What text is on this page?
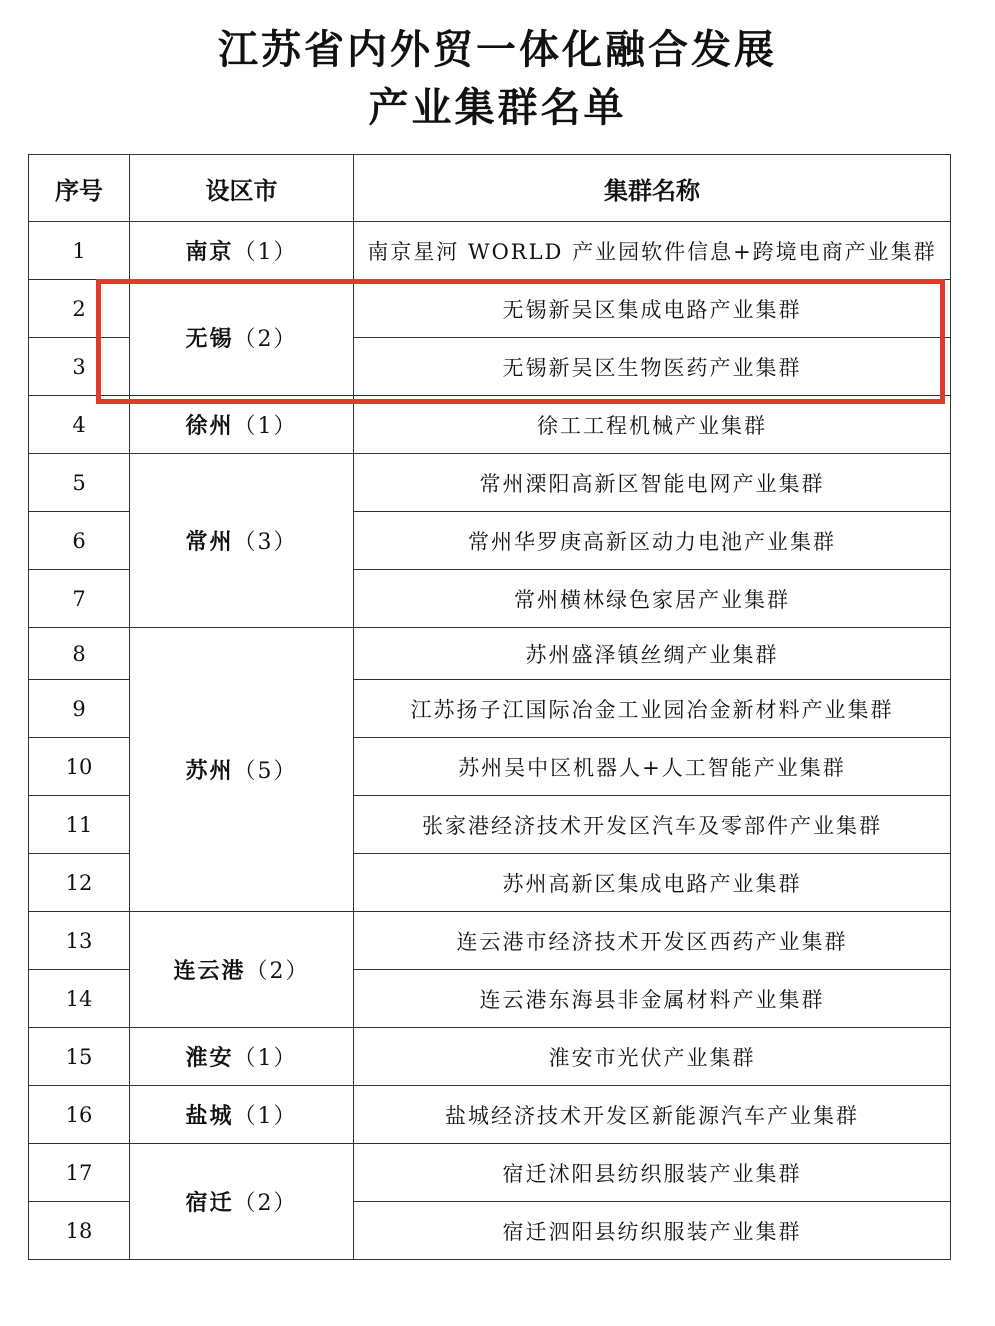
江苏省内外贸一体化融合发展
产业集群名单
序号	设区市	集群名称
1	南京（1）	南京星河 WORLD 产业园软件信息+跨境电商产业集群
2	无锡（2）	无锡新吴区集成电路产业集群
3		无锡新吴区生物医药产业集群
4	徐州（1）	徐工工程机械产业集群
5	常州（3）	常州溧阳高新区智能电网产业集群
6		常州华罗庚高新区动力电池产业集群
7		常州横林绿色家居产业集群
8	苏州（5）	苏州盛泽镇丝绸产业集群
9		江苏扬子江国际冶金工业园冶金新材料产业集群
10		苏州吴中区机器人+人工智能产业集群
11		张家港经济技术开发区汽车及零部件产业集群
12		苏州高新区集成电路产业集群
13	连云港（2）	连云港市经济技术开发区西药产业集群
14		连云港东海县非金属材料产业集群
15	淮安（1）	淮安市光伏产业集群
16	盐城（1）	盐城经济技术开发区新能源汽车产业集群
17	宿迁（2）	宿迁沭阳县纺织服装产业集群
18		宿迁泗阳县纺织服装产业集群
